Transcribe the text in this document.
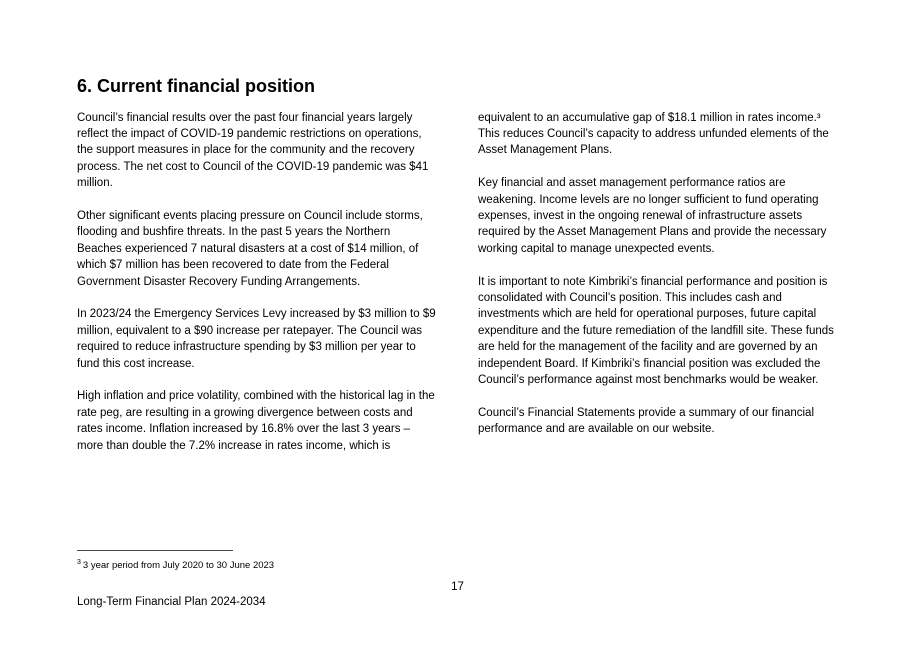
6. Current financial position

Council’s financial results over the past four financial years largely reflect the impact of COVID-19 pandemic restrictions on operations, the support measures in place for the community and the recovery process. The net cost to Council of the COVID-19 pandemic was $41 million.

Other significant events placing pressure on Council include storms, flooding and bushfire threats. In the past 5 years the Northern Beaches experienced 7 natural disasters at a cost of $14 million, of which $7 million has been recovered to date from the Federal Government Disaster Recovery Funding Arrangements.

In 2023/24 the Emergency Services Levy increased by $3 million to $9 million, equivalent to a $90 increase per ratepayer. The Council was required to reduce infrastructure spending by $3 million per year to fund this cost increase.

High inflation and price volatility, combined with the historical lag in the rate peg, are resulting in a growing divergence between costs and rates income. Inflation increased by 16.8% over the last 3 years – more than double the 7.2% increase in rates income, which is

equivalent to an accumulative gap of $18.1 million in rates income.³ This reduces Council’s capacity to address unfunded elements of the Asset Management Plans.

Key financial and asset management performance ratios are weakening. Income levels are no longer sufficient to fund operating expenses, invest in the ongoing renewal of infrastructure assets required by the Asset Management Plans and provide the necessary working capital to manage unexpected events.

It is important to note Kimbriki’s financial performance and position is consolidated with Council’s position. This includes cash and investments which are held for operational purposes, future capital expenditure and the future remediation of the landfill site. These funds are held for the management of the facility and are governed by an independent Board. If Kimbriki’s financial position was excluded the Council’s performance against most benchmarks would be weaker.

Council’s Financial Statements provide a summary of our financial performance and are available on our website.

$^3$ 3 year period from July 2020 to 30 June 2023
17
Long-Term Financial Plan 2024-2034
